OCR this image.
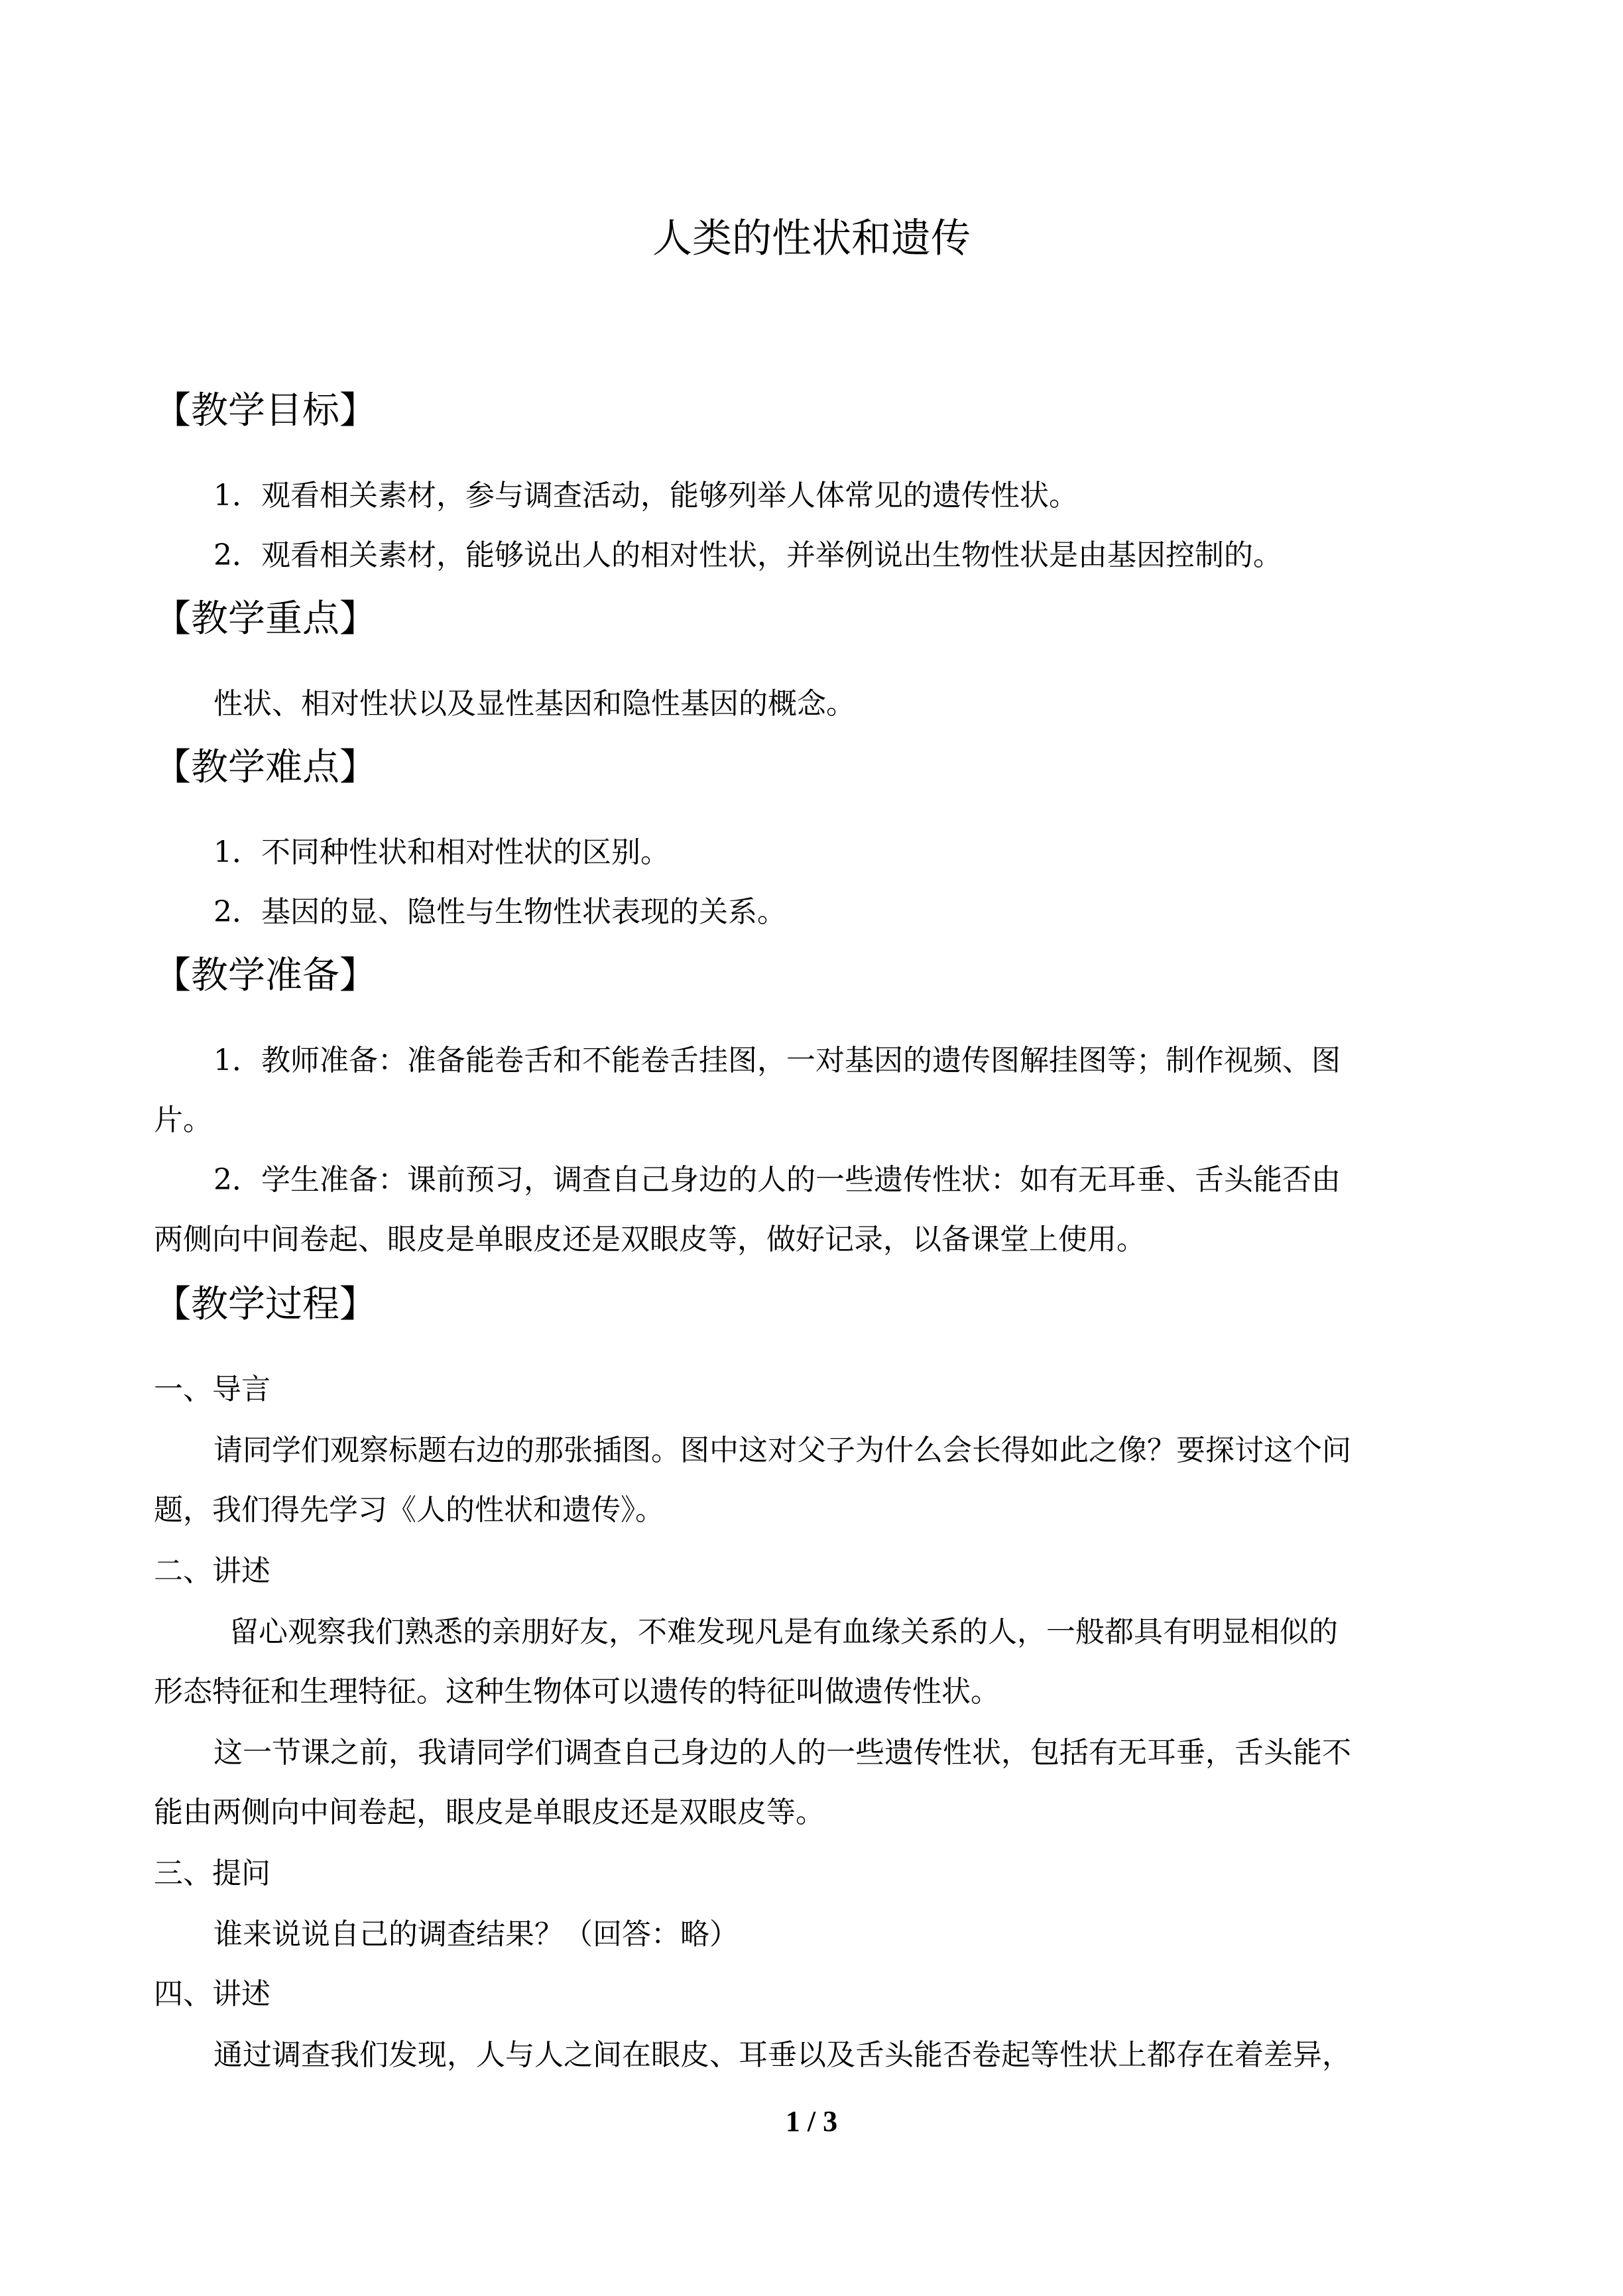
人类的性状和遗传
【教学目标】
1．观看相关素材，参与调查活动，能够列举人体常见的遗传性状。
2．观看相关素材，能够说出人的相对性状，并举例说出生物性状是由基因控制的。
【教学重点】
性状、相对性状以及显性基因和隐性基因的概念。
【教学难点】
1．不同种性状和相对性状的区别。
2．基因的显、隐性与生物性状表现的关系。
【教学准备】
1．教师准备：准备能卷舌和不能卷舌挂图，一对基因的遗传图解挂图等；制作视频、图
片。
2．学生准备：课前预习，调查自己身边的人的一些遗传性状：如有无耳垂、舌头能否由
两侧向中间卷起、眼皮是单眼皮还是双眼皮等，做好记录，以备课堂上使用。
【教学过程】
一、导言
请同学们观察标题右边的那张插图。图中这对父子为什么会长得如此之像？要探讨这个问
题，我们得先学习《人的性状和遗传》。
二、讲述
留心观察我们熟悉的亲朋好友，不难发现凡是有血缘关系的人，一般都具有明显相似的
形态特征和生理特征。这种生物体可以遗传的特征叫做遗传性状。
这一节课之前，我请同学们调查自己身边的人的一些遗传性状，包括有无耳垂，舌头能不
能由两侧向中间卷起，眼皮是单眼皮还是双眼皮等。
三、提问
谁来说说自己的调查结果？（回答：略）
四、讲述
通过调查我们发现，人与人之间在眼皮、耳垂以及舌头能否卷起等性状上都存在着差异，
1 / 3
